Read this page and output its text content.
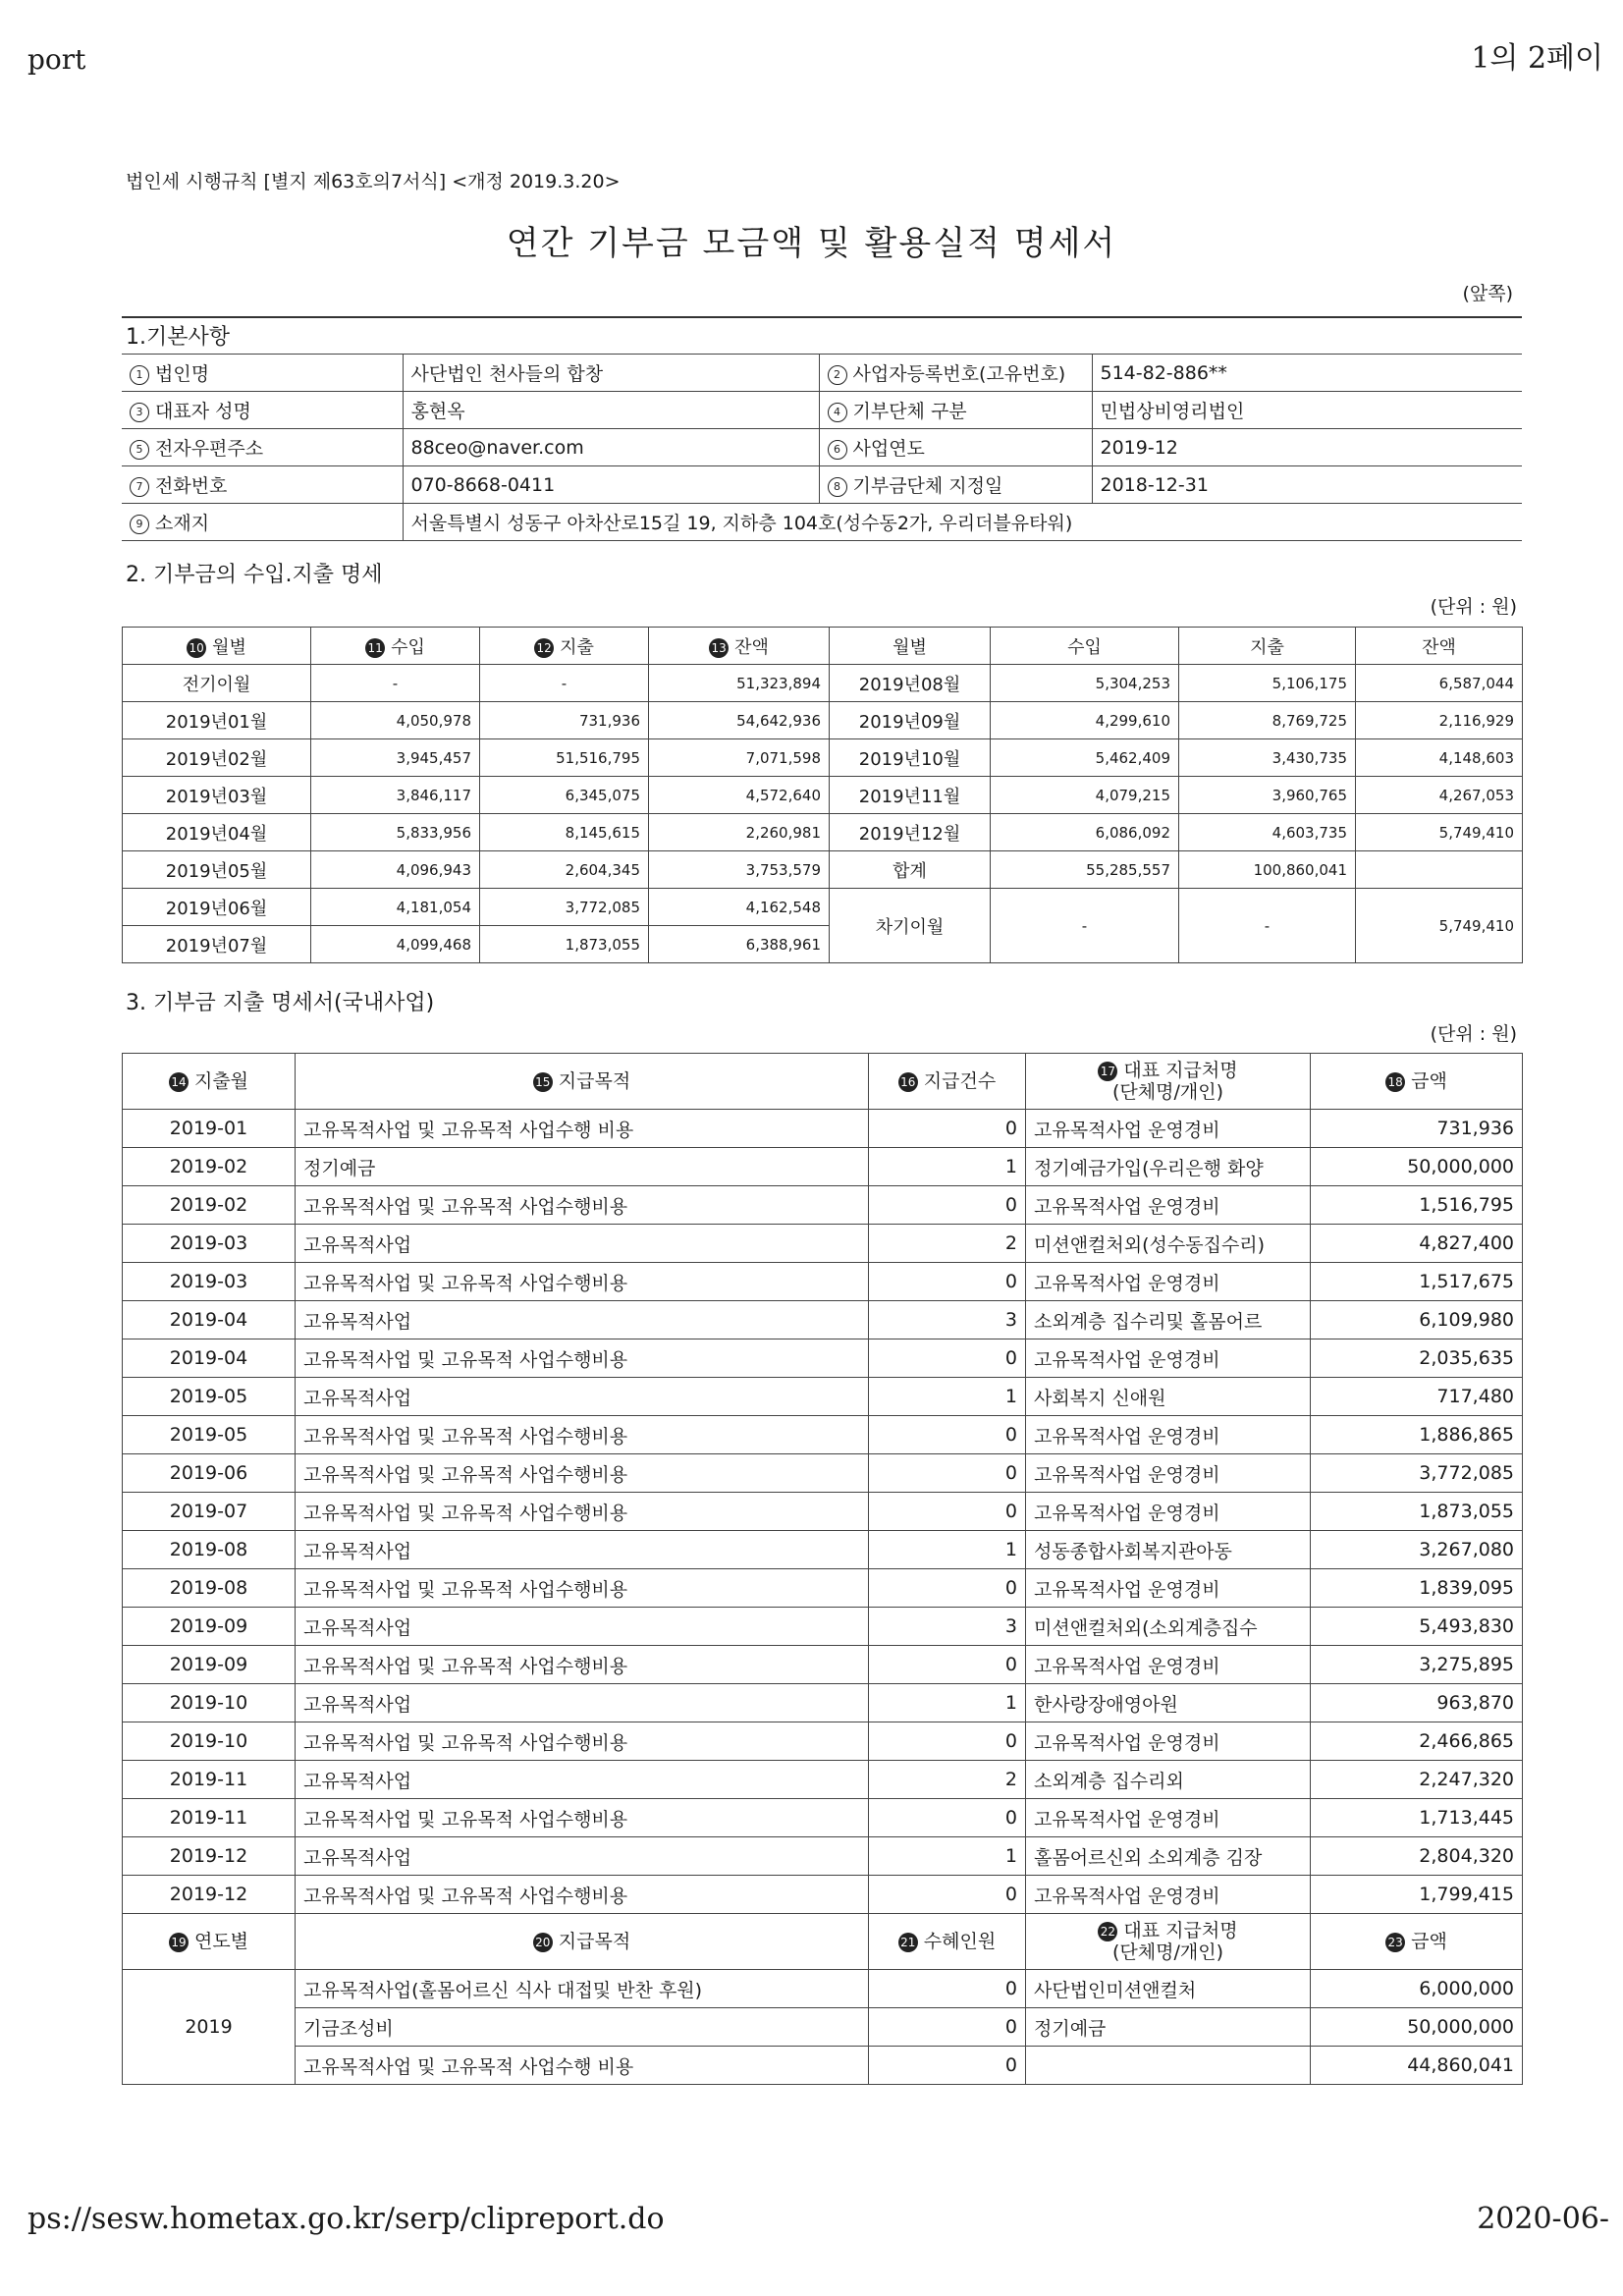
port	1의 2페이
ps://sesw.hometax.go.kr/serp/clipreport.do	2020-06-
법인세 시행규칙 [별지 제63호의7서식] <개정 2019.3.20>
연간 기부금 모금액 및 활용실적 명세서
(앞쪽)
1.기본사항
1 법인명	사단법인 천사들의 합창	2 사업자등록번호(고유번호)	514-82-886**
3 대표자 성명	홍현옥	4 기부단체 구분	민법상비영리법인
5 전자우편주소	88ceo@naver.com	6 사업연도	2019-12
7 전화번호	070-8668-0411	8 기부금단체 지정일	2018-12-31
9 소재지	서울특별시 성동구 아차산로15길 19, 지하층 104호(성수동2가, 우리더블유타워)		
2. 기부금의 수입.지출 명세
(단위 : 원)
10 월별	11 수입	12 지출	13 잔액	월별	수입	지출	잔액
전기이월	-	-	51,323,894	2019년08월	5,304,253	5,106,175	6,587,044
2019년01월	4,050,978	731,936	54,642,936	2019년09월	4,299,610	8,769,725	2,116,929
2019년02월	3,945,457	51,516,795	7,071,598	2019년10월	5,462,409	3,430,735	4,148,603
2019년03월	3,846,117	6,345,075	4,572,640	2019년11월	4,079,215	3,960,765	4,267,053
2019년04월	5,833,956	8,145,615	2,260,981	2019년12월	6,086,092	4,603,735	5,749,410
2019년05월	4,096,943	2,604,345	3,753,579	합계	55,285,557	100,860,041	
2019년06월	4,181,054	3,772,085	4,162,548	차기이월	-	-	5,749,410
2019년07월	4,099,468	1,873,055	6,388,961				
3. 기부금 지출 명세서(국내사업)
(단위 : 원)
14 지출월	15 지급목적	16 지급건수	17 대표 지급처명
(단체명/개인)	18 금액
2019-01	고유목적사업 및 고유목적 사업수행 비용	0	고유목적사업 운영경비	731,936
2019-02	정기예금	1	정기예금가입(우리은행 화양	50,000,000
2019-02	고유목적사업 및 고유목적 사업수행비용	0	고유목적사업 운영경비	1,516,795
2019-03	고유목적사업	2	미션앤컬처외(성수동집수리)	4,827,400
2019-03	고유목적사업 및 고유목적 사업수행비용	0	고유목적사업 운영경비	1,517,675
2019-04	고유목적사업	3	소외계층 집수리및 홀몸어르	6,109,980
2019-04	고유목적사업 및 고유목적 사업수행비용	0	고유목적사업 운영경비	2,035,635
2019-05	고유목적사업	1	사회복지 신애원	717,480
2019-05	고유목적사업 및 고유목적 사업수행비용	0	고유목적사업 운영경비	1,886,865
2019-06	고유목적사업 및 고유목적 사업수행비용	0	고유목적사업 운영경비	3,772,085
2019-07	고유목적사업 및 고유목적 사업수행비용	0	고유목적사업 운영경비	1,873,055
2019-08	고유목적사업	1	성동종합사회복지관아동	3,267,080
2019-08	고유목적사업 및 고유목적 사업수행비용	0	고유목적사업 운영경비	1,839,095
2019-09	고유목적사업	3	미션앤컬처외(소외계층집수	5,493,830
2019-09	고유목적사업 및 고유목적 사업수행비용	0	고유목적사업 운영경비	3,275,895
2019-10	고유목적사업	1	한사랑장애영아원	963,870
2019-10	고유목적사업 및 고유목적 사업수행비용	0	고유목적사업 운영경비	2,466,865
2019-11	고유목적사업	2	소외계층 집수리외	2,247,320
2019-11	고유목적사업 및 고유목적 사업수행비용	0	고유목적사업 운영경비	1,713,445
2019-12	고유목적사업	1	홀몸어르신외 소외계층 김장	2,804,320
2019-12	고유목적사업 및 고유목적 사업수행비용	0	고유목적사업 운영경비	1,799,415
19 연도별	20 지급목적	21 수혜인원	22 대표 지급처명
(단체명/개인)	23 금액
2019	고유목적사업(홀몸어르신 식사 대접및 반찬 후원)	0	사단법인미션앤컬처	6,000,000
	기금조성비	0	정기예금	50,000,000
	고유목적사업 및 고유목적 사업수행 비용	0		44,860,041
